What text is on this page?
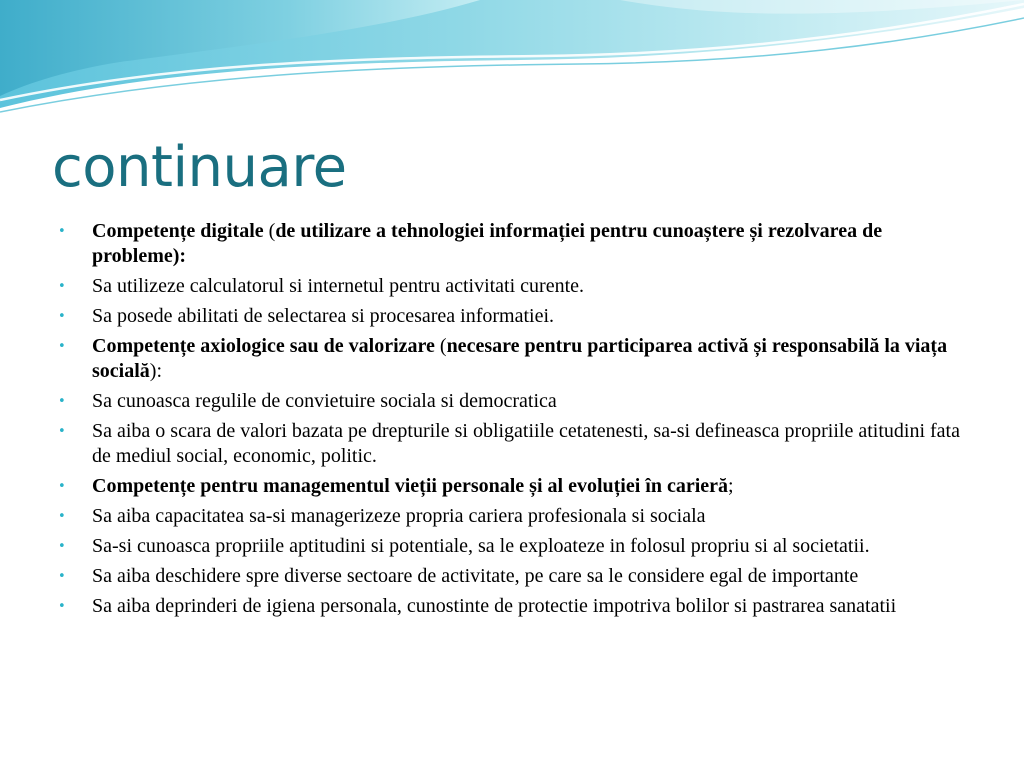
continuare
•	Competențe digitale (de utilizare a tehnologiei informației pentru cunoaștere și rezolvarea de probleme):
•	Sa utilizeze calculatorul si internetul pentru activitati curente.
•	Sa posede abilitati de selectarea si procesarea informatiei.
•	Competențe axiologice sau de valorizare (necesare pentru participarea activă și responsabilă la viața socială):
•	Sa cunoasca regulile de convietuire sociala si democratica
•	Sa aiba o scara de valori bazata pe drepturile si obligatiile cetatenesti, sa-si defineasca propriile atitudini fata de mediul social, economic, politic.
•	Competențe pentru managementul vieții personale și al evoluției în carieră;
•	Sa aiba capacitatea sa-si managerizeze propria cariera profesionala si sociala
•	Sa-si cunoasca propriile aptitudini si potentiale, sa le exploateze in folosul propriu si al societatii.
•	Sa aiba deschidere spre diverse sectoare de activitate, pe care sa le considere egal de importante
•	Sa aiba deprinderi de igiena personala, cunostinte de protectie impotriva bolilor si pastrarea sanatatii
